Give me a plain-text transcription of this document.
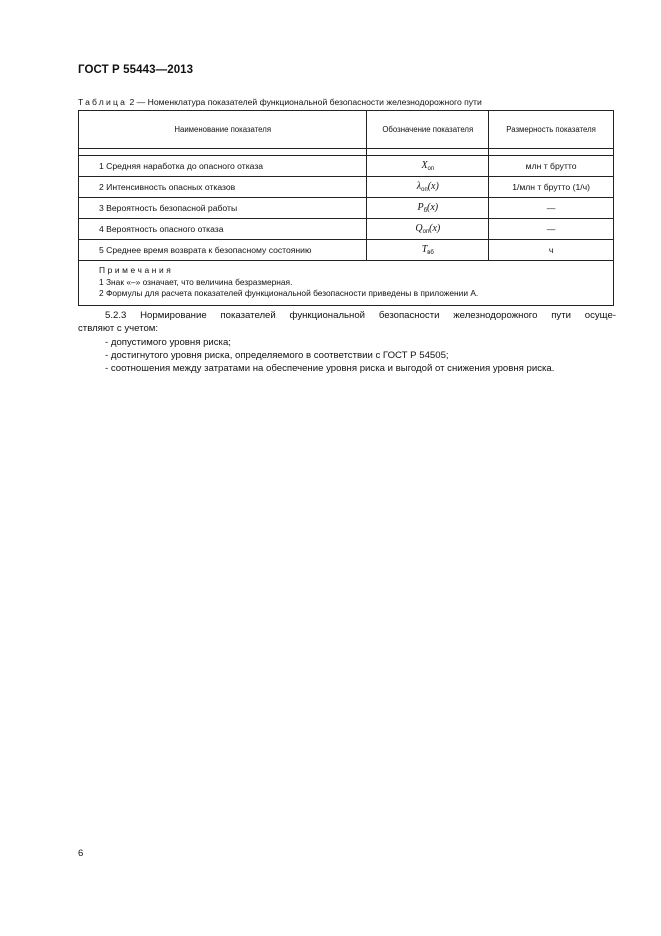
ГОСТ Р 55443—2013
Таблица 2 — Номенклатура показателей функциональной безопасности железнодорожного пути
Наименование показателя	Обозначение показателя	Размерность показателя

1 Средняя наработка до опасного отказа	$X_{оп}$	млн т брутто
2 Интенсивность опасных отказов	$\lambda_{оп}(x)$	1/млн т брутто (1/ч)
3 Вероятность безопасной работы	$P_б(x)$	—
4 Вероятность опасного отказа	$Q_{оп}(x)$	—
5 Среднее время возврата к безопасному состоянию	$T_{вб}$	ч

Примечания
1 Знак «–» означает, что величина безразмерная.
2 Формулы для расчета показателей функциональной безопасности приведены в приложении А.		

5.2.3 Нормирование показателей функциональной безопасности железнодорожного пути осуще-

ствляют с учетом:

- допустимого уровня риска;

- достигнутого уровня риска, определяемого в соответствии с ГОСТ Р 54505;

- соотношения между затратами на обеспечение уровня риска и выгодой от снижения уровня риска.

6
